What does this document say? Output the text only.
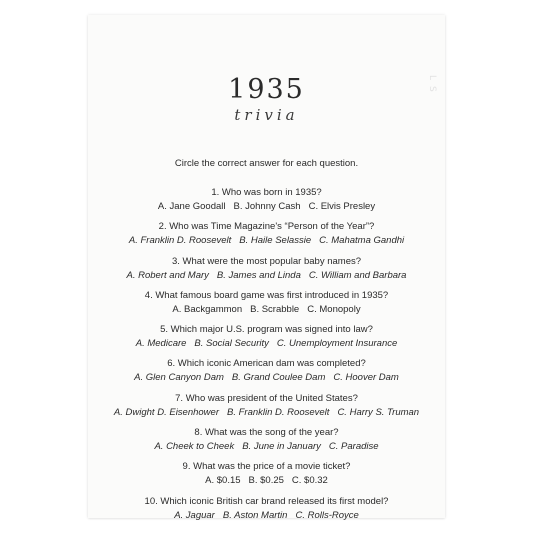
1935
trivia
Circle the correct answer for each question.
LS
1. Who was born in 1935?
A. Jane Goodall B. Johnny Cash C. Elvis Presley
2. Who was Time Magazine's “Person of the Year”?
A. Franklin D. Roosevelt B. Haile Selassie C. Mahatma Gandhi
3. What were the most popular baby names?
A. Robert and Mary B. James and Linda C. William and Barbara
4. What famous board game was first introduced in 1935?
A. Backgammon B. Scrabble C. Monopoly
5. Which major U.S. program was signed into law?
A. Medicare B. Social Security C. Unemployment Insurance
6. Which iconic American dam was completed?
A. Glen Canyon Dam B. Grand Coulee Dam C. Hoover Dam
7. Who was president of the United States?
A. Dwight D. Eisenhower B. Franklin D. Roosevelt C. Harry S. Truman
8. What was the song of the year?
A. Cheek to Cheek B. June in January C. Paradise
9. What was the price of a movie ticket?
A. $0.15 B. $0.25 C. $0.32
10. Which iconic British car brand released its first model?
A. Jaguar B. Aston Martin C. Rolls-Royce
